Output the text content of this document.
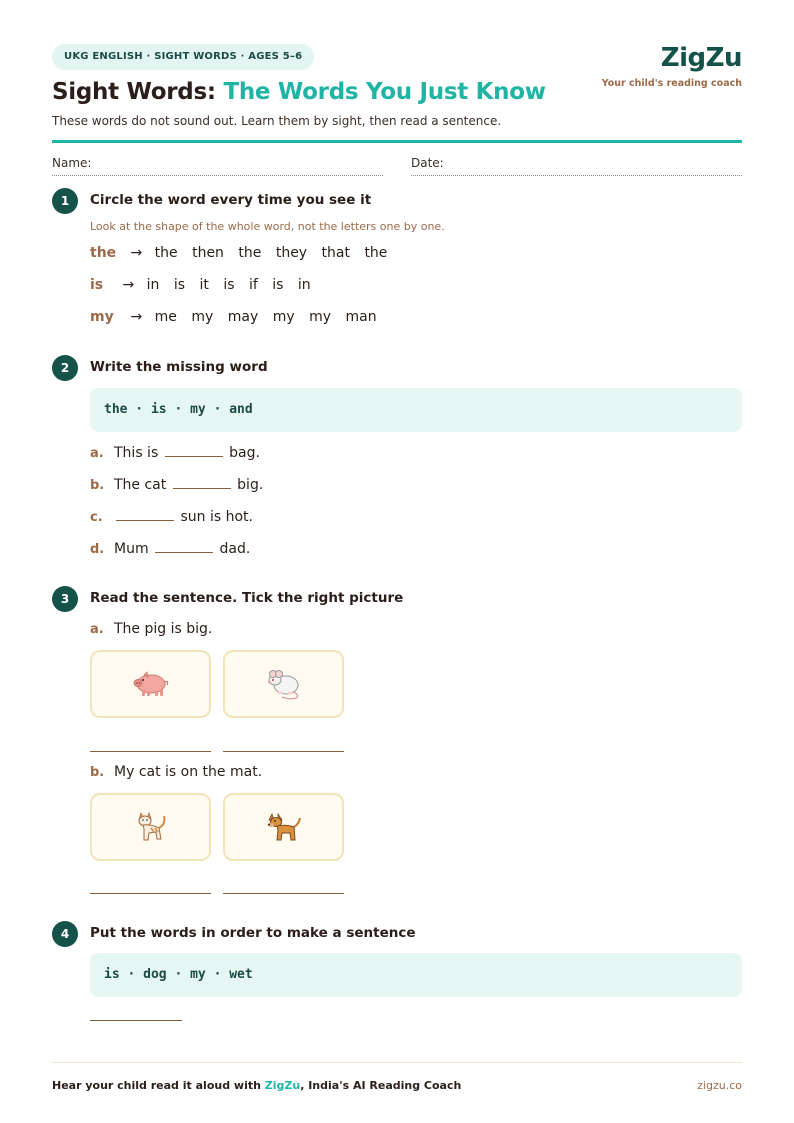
UKG ENGLISH · SIGHT WORDS · AGES 5–6	ZigZu
Your child's reading coach
Sight Words: The Words You Just Know
These words do not sound out. Learn them by sight, then read a sentence.
Name:	Date:
1	Circle the word every time you see it
Look at the shape of the whole word, not the letters one by one.
the → the then the they that the
is → in is it is if is in
my → me my may my my man
2	Write the missing word
the · is · my · and
a. This is	bag.
b. The cat	big.
c.	sun is hot.
d. Mum	dad.
3	Read the sentence. Tick the right picture
a. The pig is big.
b. My cat is on the mat.
4	Put the words in order to make a sentence
is · dog · my · wet
Hear your child read it aloud with ZigZu, India's AI Reading Coach	zigzu.co
